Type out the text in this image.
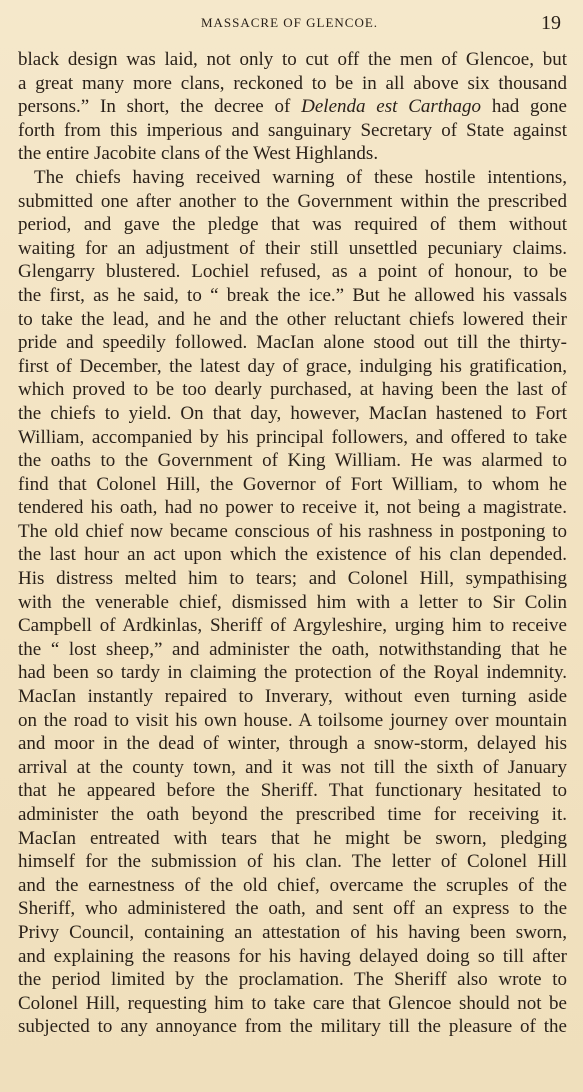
MASSACRE OF GLENCOE.	19
black design was laid, not only to cut off the men of Glencoe, but
a great many more clans, reckoned to be in all above six thousand
persons.” In short, the decree of Delenda est Carthago had gone
forth from this imperious and sanguinary Secretary of State against
the entire Jacobite clans of the West Highlands.
The chiefs having received warning of these hostile intentions,
submitted one after another to the Government within the prescribed
period, and gave the pledge that was required of them without
waiting for an adjustment of their still unsettled pecuniary claims.
Glengarry blustered. Lochiel refused, as a point of honour, to be
the first, as he said, to “ break the ice.” But he allowed his vassals
to take the lead, and he and the other reluctant chiefs lowered their
pride and speedily followed. MacIan alone stood out till the thirty-
first of December, the latest day of grace, indulging his gratification,
which proved to be too dearly purchased, at having been the last of
the chiefs to yield. On that day, however, MacIan hastened to Fort
William, accompanied by his principal followers, and offered to take
the oaths to the Government of King William. He was alarmed to
find that Colonel Hill, the Governor of Fort William, to whom he
tendered his oath, had no power to receive it, not being a magistrate.
The old chief now became conscious of his rashness in postponing to
the last hour an act upon which the existence of his clan depended.
His distress melted him to tears; and Colonel Hill, sympathising
with the venerable chief, dismissed him with a letter to Sir Colin
Campbell of Ardkinlas, Sheriff of Argyleshire, urging him to receive
the “ lost sheep,” and administer the oath, notwithstanding that he
had been so tardy in claiming the protection of the Royal indemnity.
MacIan instantly repaired to Inverary, without even turning aside
on the road to visit his own house. A toilsome journey over mountain
and moor in the dead of winter, through a snow-storm, delayed his
arrival at the county town, and it was not till the sixth of January
that he appeared before the Sheriff. That functionary hesitated to
administer the oath beyond the prescribed time for receiving it.
MacIan entreated with tears that he might be sworn, pledging
himself for the submission of his clan. The letter of Colonel Hill
and the earnestness of the old chief, overcame the scruples of the
Sheriff, who administered the oath, and sent off an express to the
Privy Council, containing an attestation of his having been sworn,
and explaining the reasons for his having delayed doing so till after
the period limited by the proclamation. The Sheriff also wrote to
Colonel Hill, requesting him to take care that Glencoe should not be
subjected to any annoyance from the military till the pleasure of the
